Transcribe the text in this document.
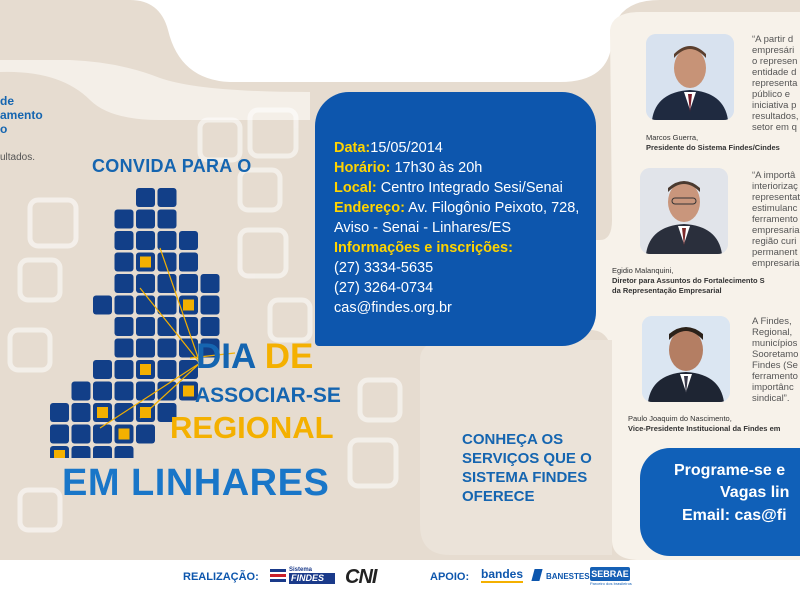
de
amento
o
ultados.	CONVIDA PARA O
DIA DE
ASSOCIAR-SE
REGIONAL
EM LINHARES
Data:15/05/2014
Horário: 17h30 às 20h
Local: Centro Integrado Sesi/Senai
Endereço: Av. Filogônio Peixoto, 728,
Aviso - Senai - Linhares/ES
Informações e inscrições:
(27) 3334-5635
(27) 3264-0734
cas@findes.org.br
CONHEÇA OS SERVIÇOS QUE O SISTEMA FINDES OFERECE
“A partir d
empresári
o represen
entidade d
representa
público e
iniciativa p
resultados,
setor em q
Marcos Guerra,
Presidente do Sistema Findes/Cindes
“A importâ
interiorizaç
representat
estimulanc
ferramento
empresaria
região curi
permanent
empresaria
Egidio Malanquini,
Diretor para Assuntos do Fortalecimento S
da Representação Empresarial
A Findes,
Regional,
municípios
Sooretamo
Findes (Se
ferramento
importânc
sindical”.
Paulo Joaquim do Nascimento,
Vice-Presidente Institucional da Findes em
Programe-se e
Vagas lin
Email: cas@fi
REALIZAÇÃO:
Sistema
FINDES	CNI	APOIO: bandes	BANESTES SEBRAE
Parceiro dos brasileiros
